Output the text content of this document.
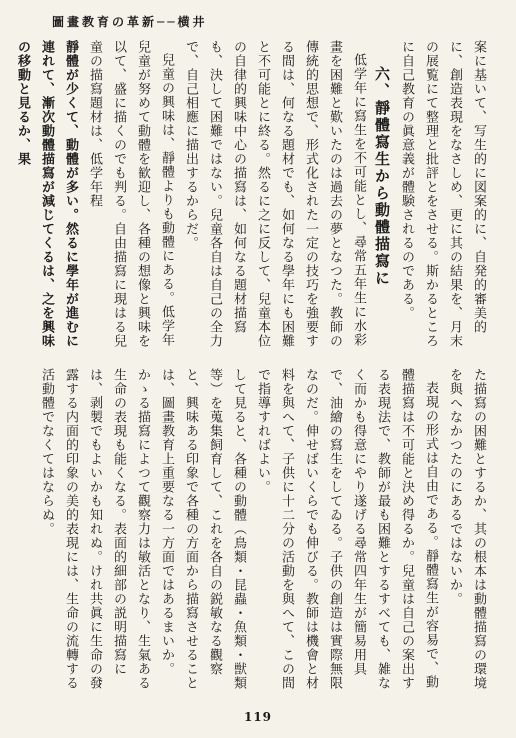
圖畫教育の革新──横井

案に基いて、写生的に図案的に、自発的審美的に、創造表現をなさしめ、更に其の結果を、月末の展覧にて整理と批評とをさせる。斯かるところに自己教育の眞意義が體験されるのである。

六、靜體寫生から動體描寫に

低学年に寫生を不可能とし、尋常五年生に水彩畫を困難と歎いたのは過去の夢となつた。教師の傳統的思想で、形式化された一定の技巧を強要する間は、何なる題材でも、如何なる學年にも困難と不可能とに終る。然るに之に反して、兒童本位の自律的興味中心の描寫は、如何なる題材描寫も、決して困難ではない。兒童各自は自己の全力で、自己相應に描出するからだ。

兒童の興味は、靜體よりも動體にある。低学年兒童が努めて動體を歓迎し、各種の想像と興味を以て、盛に描くのでも判る。自由描寫に現はる兒童の描寫題材は、低学年程

靜體が少くて、動體が多い。然るに學年が進むに連れて、漸次動體描寫が減じてくるは、之を興味の移動と見るか、果

た描寫の困難とするか、其の根本は動體描寫の環境を與へなかつたのにあるではないか。

表現の形式は自由である。靜體寫生が容易で、動體描寫は不可能と決め得るか。兒童は自己の案出する表現法で、教師が最も困難とするすべても、雑なく而かも得意にやり遂げる尋常四年生が簡易用具で、油繪の寫生をしてゐる。子供の創造は實際無限なのだ。伸せばいくらでも伸びる。教師は機會と材料を與へて、子供に十二分の活動を與へて、この間で指導すればよい。

して見ると、各種の動體（鳥類・昆蟲・魚類・獣類等）を蒐集飼育して、これを各自の鋭敏なる觀察と、興味ある印象で各種の方面から描寫させることは、圖畫教育上重要なる一方面ではあるまいか。かゝる描寫によつて觀察力は敏活となり、生氣ある生命の表現も能くなる。表面的細部の説明描寫には、剥製でもよいかも知れぬ。けれ共眞に生命の發露する内面的印象の美的表現には、生命の流轉する活動體でなくてはならぬ。

119
